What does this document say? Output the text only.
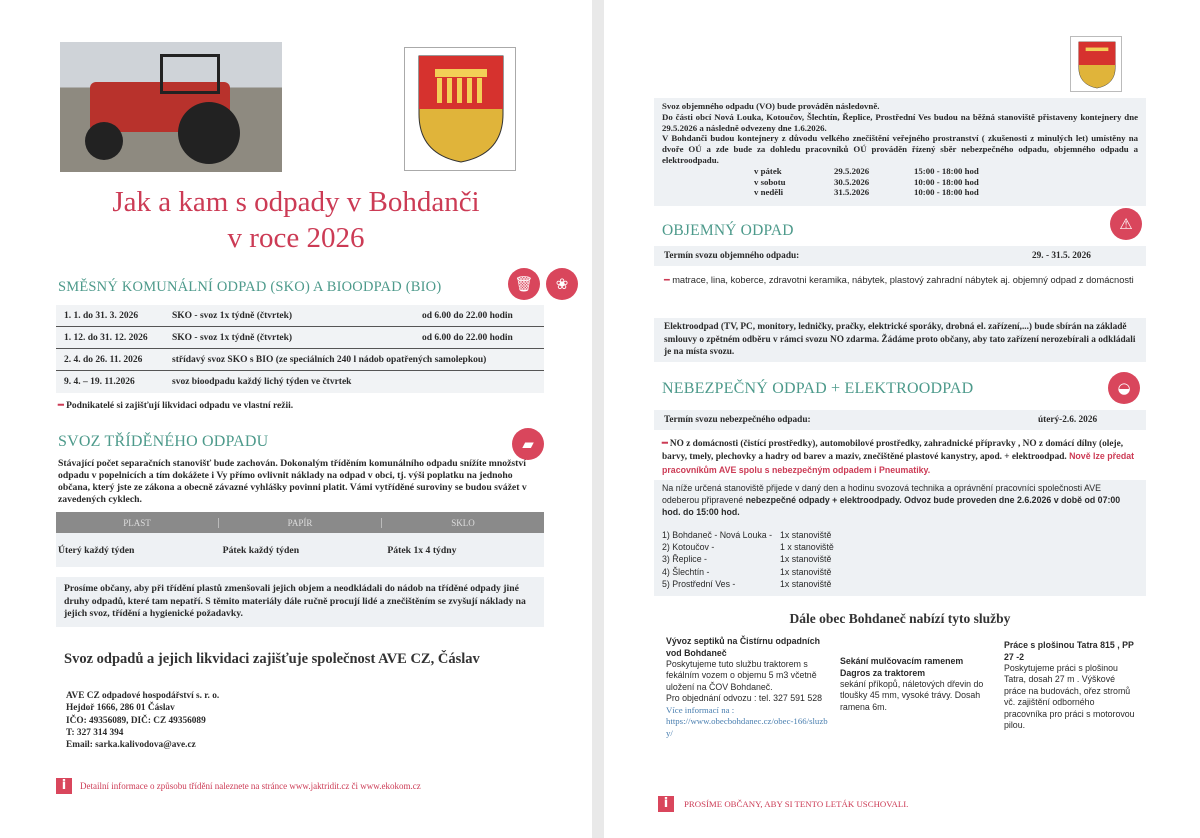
Jak a kam s odpady v Bohdanči
v roce 2026
SMĚSNÝ KOMUNÁLNÍ ODPAD (SKO) A BIOODPAD (BIO)	🗑	❀
1. 1. do 31. 3. 2026	SKO - svoz 1x týdně (čtvrtek)	od 6.00 do 22.00 hodin
1. 12. do 31. 12. 2026	SKO - svoz 1x týdně (čtvrtek)	od 6.00 do 22.00 hodin
2. 4. do 26. 11. 2026	střídavý svoz SKO s BIO (ze speciálních 240 l nádob opatřených samolepkou)
9. 4. – 19. 11.2026	svoz bioodpadu každý lichý týden ve čtvrtek
━ Podnikatelé si zajišťují likvidaci odpadu ve vlastní režii.
SVOZ TŘÍDĚNÉHO ODPADU
Stávající počet separačních stanovišť bude zachován. Dokonalým tříděním komunálního odpadu snížíte množství odpadu v popelnicích a tím dokážete i Vy přímo ovlivnit náklady na odpad v obci, tj. výši poplatku na jednoho občana, který jste ze zákona a obecně závazné vyhlášky povinni platit. Vámi vytříděné suroviny se budou svážet v zavedených cyklech.
PLAST	PAPÍR	SKLO
Úterý každý týden	Pátek každý týden	Pátek 1x 4 týdny
Prosíme občany, aby při třídění plastů zmenšovali jejich objem a neodkládali do nádob na tříděné odpady jiné druhy odpadů, které tam nepatří. S těmito materiály dále ručně procují lidé a znečištěním se zvyšují náklady na jejich svoz, třídění a hygienické požadavky.
▰
Svoz odpadů a jejich likvidaci zajišťuje společnost AVE CZ, Čáslav
AVE CZ odpadové hospodářství s. r. o.
Hejdoř 1666, 286 01 Čáslav
IČO: 49356089, DIČ: CZ 49356089
T: 327 314 394
Email: sarka.kalivodova@ave.cz
i	Detailní informace o způsobu třídění naleznete na stránce www.jaktridit.cz či www.ekokom.cz
Svoz objemného odpadu (VO) bude prováděn následovně.
Do části obcí Nová Louka, Kotoučov, Šlechtín, Řeplice, Prostřední Ves budou na běžná stanoviště přistaveny kontejnery dne 29.5.2026 a následně odvezeny dne 1.6.2026.
V Bohdanči budou kontejnery z důvodu velkého znečištění veřejného prostranství ( zkušenosti z minulých let) umístěny na dvoře OÚ a zde bude za dohledu pracovníků OÚ prováděn řízený sběr nebezpečného odpadu, objemného odpadu a elektroodpadu.
v pátek	29.5.2026	15:00 - 18:00 hod
v sobotu	30.5.2026	10:00 - 18:00 hod
v neděli	31.5.2026	10:00 - 18:00 hod
OBJEMNÝ ODPAD	⚠
Termín svozu objemného odpadu:	29. - 31.5. 2026
━ matrace, lina, koberce, zdravotni keramika, nábytek, plastový zahradní nábytek aj. objemný odpad z domácnosti
Elektroodpad (TV, PC, monitory, ledničky, pračky, elektrické sporáky, drobná el. zařízení,...) bude sbírán na základě smlouvy o zpětném odběru v rámci svozu NO zdarma. Žádáme proto občany, aby tato zařízení nerozebírali a odkládali je na místa svozu.
NEBEZPEČNÝ ODPAD + ELEKTROODPAD	◒
Termín svozu nebezpečného odpadu:	úterý-2.6. 2026
━ NO z domácnosti (čistící prostředky), automobilové prostředky, zahradnické přípravky , NO z domácí dílny (oleje, barvy, tmely, plechovky a hadry od barev a maziv, znečištěné plastové kanystry, apod. + elektroodpad. Nově lze předat pracovníkům AVE spolu s nebezpečným odpadem i Pneumatiky.
Na níže určená stanoviště přijede v daný den a hodinu svozová technika a oprávnění pracovníci společnosti AVE odeberou připravené nebezpečné odpady + elektroodpady. Odvoz bude proveden dne 2.6.2026 v době od 07:00 hod. do 15:00 hod.
1) Bohdaneč - Nová Louka - 1x stanoviště
2) Kotoučov -	1 x stanoviště
3) Řeplice -	1x stanoviště
4) Šlechtín -	1x stanoviště
5) Prostřední Ves -	1x stanoviště
Dále obec Bohdaneč nabízí tyto služby
Vývoz septiků na Čistírnu odpadních vod Bohdaneč
Poskytujeme tuto službu traktorem s fekálním vozem o objemu 5 m3 včetně uložení na ČOV Bohdaneč.
Pro objednání odvozu : tel. 327 591 528
Více informací na :
https://www.obecbohdanec.cz/obec-166/sluzby/
Sekání mulčovacím ramenem Dagros za traktorem
sekání příkopů, náletových dřevin do tloušky 45 mm, vysoké trávy. Dosah ramena 6m.
Práce s plošinou Tatra 815 , PP 27 -2
Poskytujeme práci s plošinou Tatra, dosah 27 m . Výškové práce na budovách, ořez stromů vč. zajištění odborného pracovníka pro práci s motorovou pilou.
i	PROSÍME OBČANY, ABY SI TENTO LETÁK USCHOVALI.
